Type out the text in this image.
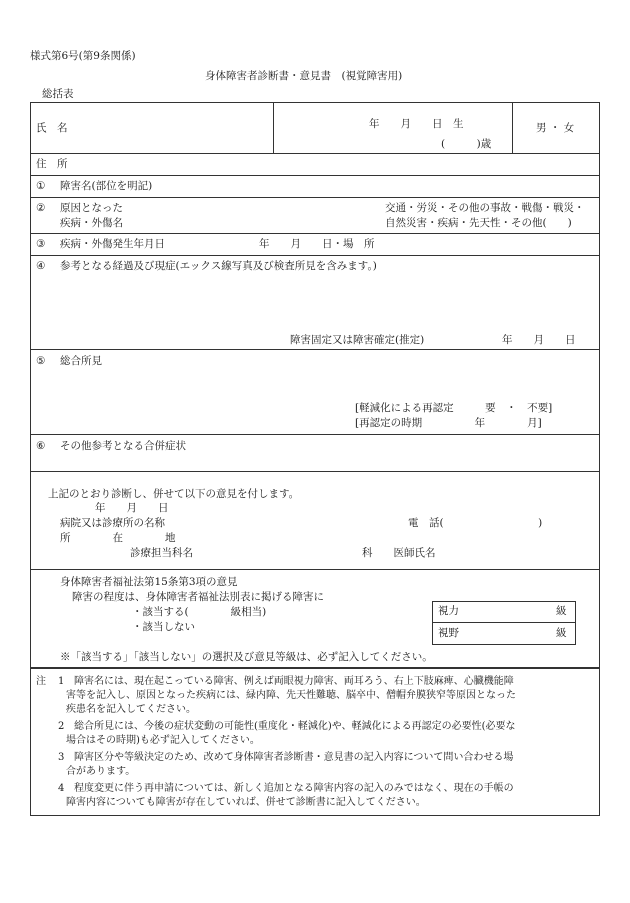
様式第6号(第9条関係)
身体障害者診断書・意見書　(視覚障害用)
総括表
氏　名	年　　月　　日　生
(　　　)歳
男 ・ 女
住　所
① 障害名(部位を明記)
② 原因となった
疾病・外傷名
交通・労災・その他の事故・戦傷・戦災・
自然災害・疾病・先天性・その他(　　)
③ 疾病・外傷発生年月日	年　　月　　日・場　所
④ 参考となる経過及び現症(エックス線写真及び検査所見を含みます。)
障害固定又は障害確定(推定)	年　　月　　日
⑤ 総合所見
[軽減化による再認定　　　要　・　不要]
[再認定の時期　　　　　年　　　　月]
⑥ その他参考となる合併症状
上記のとおり診断し、併せて以下の意見を付します。
年　　月　　日
病院又は診療所の名称	電　話(　　　　　　　　　)
所　　　　在　　　　地
診療担当科名	科　　医師氏名
身体障害者福祉法第15条第3項の意見
障害の程度は、身体障害者福祉法別表に掲げる障害に
・該当する(　　　　級相当)
・該当しない
視力	級
視野	級
※「該当する」「該当しない」の選択及び意見等級は、必ず記入してください。
注 1 障害名には、現在起こっている障害、例えば両眼視力障害、両耳ろう、右上下肢麻痺、心臓機能障
害等を記入し、原因となった疾病には、緑内障、先天性難聴、脳卒中、僧帽弁膜狭窄等原因となった
疾患名を記入してください。
2 総合所見には、今後の症状変動の可能性(重度化・軽減化)や、軽減化による再認定の必要性(必要な
場合はその時期)も必ず記入してください。
3 障害区分や等級決定のため、改めて身体障害者診断書・意見書の記入内容について問い合わせる場
合があります。
4 程度変更に伴う再申請については、新しく追加となる障害内容の記入のみではなく、現在の手帳の
障害内容についても障害が存在していれば、併せて診断書に記入してください。
